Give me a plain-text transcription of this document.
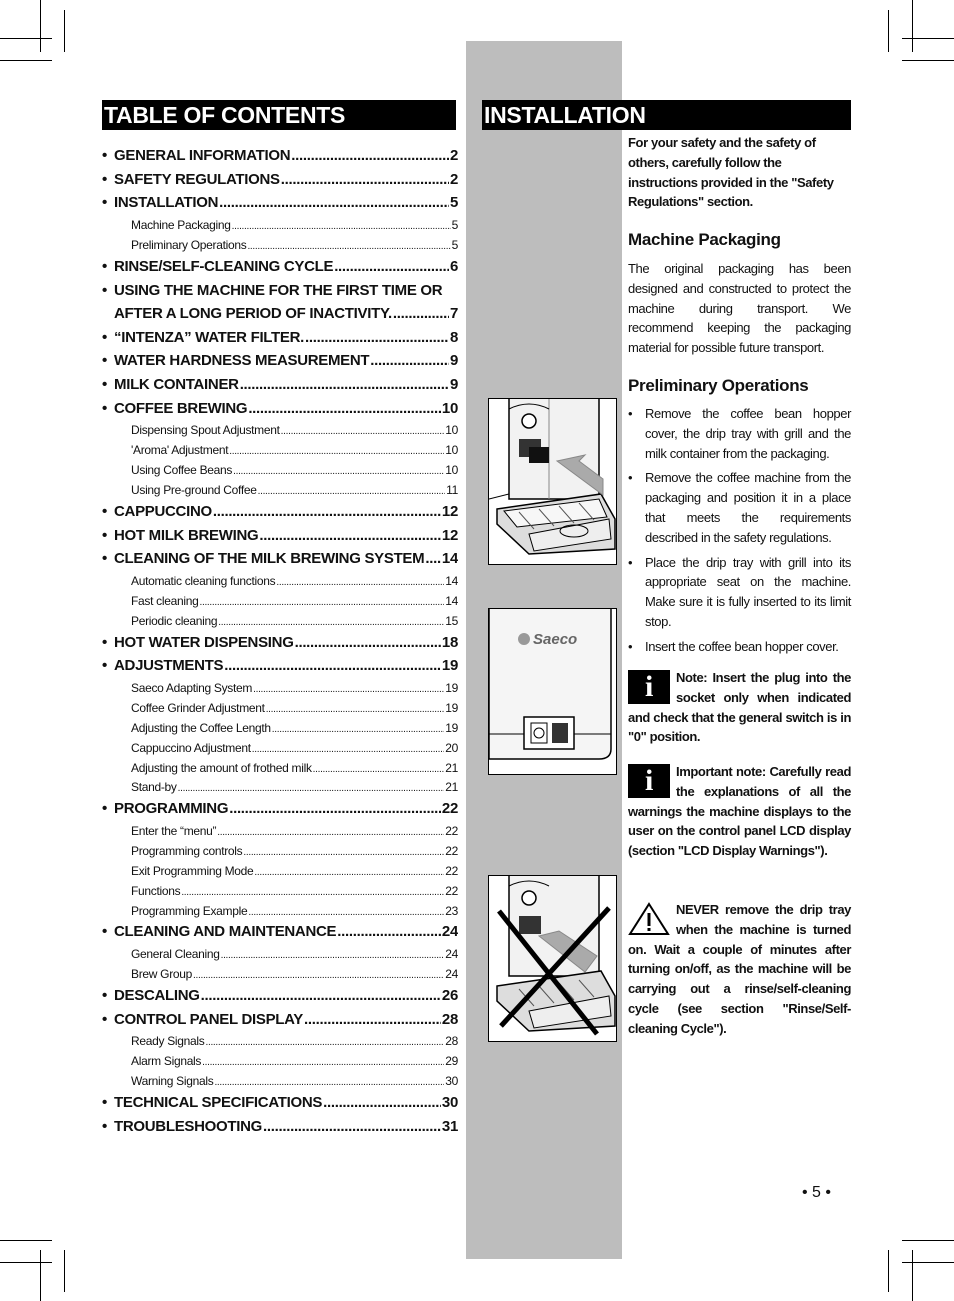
TABLE OF CONTENTS	INSTALLATION
• GENERAL INFORMATION .....	2
• SAFETY REGULATIONS .....	2
• INSTALLATION .....	5
Machine Packaging .....	5
Preliminary Operations .....	5
• RINSE/SELF-CLEANING CYCLE .....	6
• USING THE MACHINE FOR THE FIRST TIME OR
AFTER A LONG PERIOD OF INACTIVITY. .....	7
• “INTENZA” WATER FILTER. .....	8
• WATER HARDNESS MEASUREMENT .....	9
• MILK CONTAINER .....	9
• COFFEE BREWING .....	10
Dispensing Spout Adjustment .....	10
'Aroma' Adjustment .....	10
Using Coffee Beans .....	10
Using Pre-ground Coffee .....	11
• CAPPUCCINO .....	12
• HOT MILK BREWING .....	12
• CLEANING OF THE MILK BREWING SYSTEM ..... 14
Automatic cleaning functions .....	14
Fast cleaning .....	14
Periodic cleaning .....	15
• HOT WATER DISPENSING .....	18
• ADJUSTMENTS .....	19
Saeco Adapting System .....	19
Coffee Grinder Adjustment .....	19
Adjusting the Coffee Length .....	19
Cappuccino Adjustment .....	20
Adjusting the amount of frothed milk .....	21
Stand-by .....	21
• PROGRAMMING .....	22
Enter the “menu” .....	22
Programming controls .....	22
Exit Programming Mode .....	22
Functions .....	22
Programming Example .....	23
• CLEANING AND MAINTENANCE .....	24
General Cleaning .....	24
Brew Group .....	24
• DESCALING .....	26
• CONTROL PANEL DISPLAY .....	28
Ready Signals .....	28
Alarm Signals .....	29
Warning Signals .....	30
• TECHNICAL SPECIFICATIONS .....	30
• TROUBLESHOOTING .....	31
For your safety and the safety of others, carefully follow the instructions provided in the "Safety Regulations" section.
Machine Packaging
The original packaging has been designed and constructed to protect the machine during transport. We recommend keeping the packaging material for possible future transport.
Preliminary Operations
• Remove the coffee bean hopper cover, the drip tray with grill and the milk container from the packaging.
• Remove the coffee machine from the packaging and position it in a place that meets the requirements described in the safety regulations.
• Place the drip tray with grill into its appropriate seat on the machine. Make sure it is fully inserted to its limit stop.
• Insert the coffee bean hopper cover.
i	Note: Insert the plug into the socket only when indicated and check that the general switch is in "0" position.
i	Important note: Carefully read the explanations of all the warnings the machine displays to the user on the control panel LCD display (section "LCD Display Warnings").
NEVER remove the drip tray when the machine is turned on. Wait a couple of minutes after turning on/off, as the machine will be carrying out a rinse/self-cleaning cycle (see section "Rinse/Self-cleaning Cycle").
Saeco
• 5 •
